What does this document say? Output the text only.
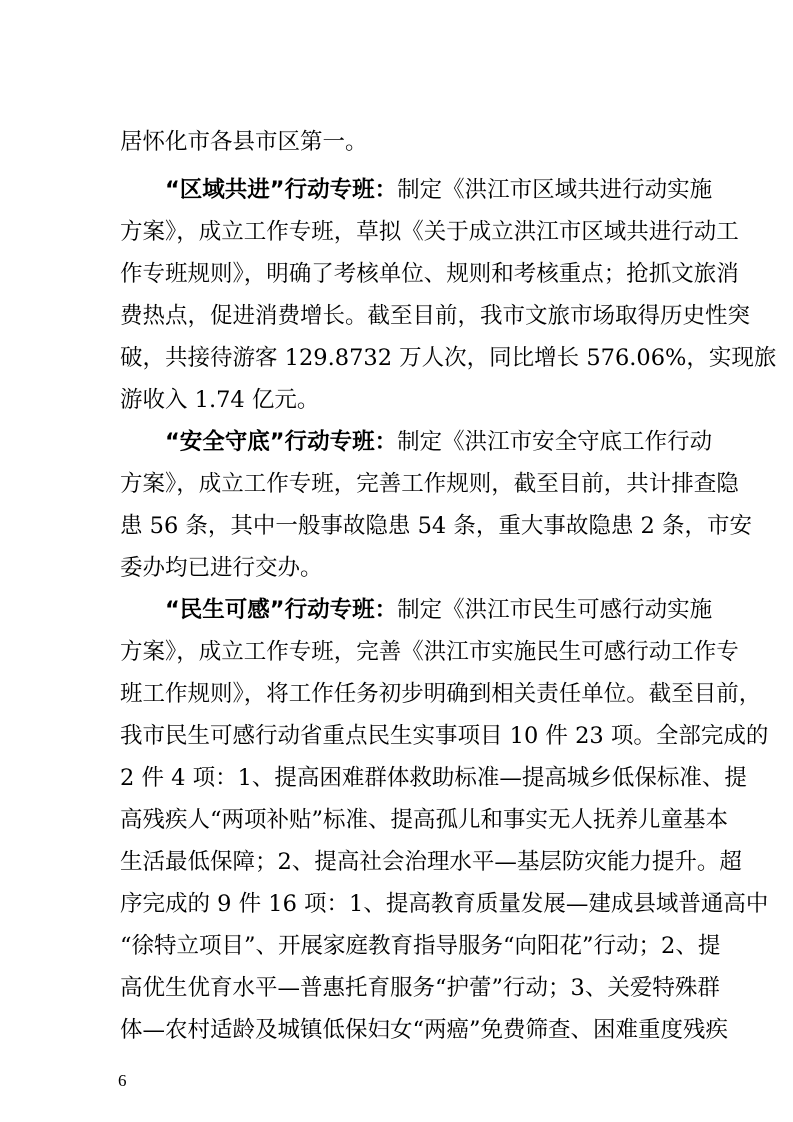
居怀化市各县市区第一。
“区域共进”行动专班：制定《洪江市区域共进行动实施
方案》，成立工作专班，草拟《关于成立洪江市区域共进行动工
作专班规则》，明确了考核单位、规则和考核重点；抢抓文旅消
费热点，促进消费增长。截至目前，我市文旅市场取得历史性突
破，共接待游客 129.8732 万人次，同比增长 576.06%，实现旅
游收入 1.74 亿元。
“安全守底”行动专班：制定《洪江市安全守底工作行动
方案》，成立工作专班，完善工作规则，截至目前，共计排查隐
患 56 条，其中一般事故隐患 54 条，重大事故隐患 2 条，市安
委办均已进行交办。
“民生可感”行动专班：制定《洪江市民生可感行动实施
方案》，成立工作专班，完善《洪江市实施民生可感行动工作专
班工作规则》，将工作任务初步明确到相关责任单位。截至目前，
我市民生可感行动省重点民生实事项目 10 件 23 项。全部完成的
2 件 4 项：1、提高困难群体救助标准—提高城乡低保标准、提
高残疾人“两项补贴”标准、提高孤儿和事实无人抚养儿童基本
生活最低保障；2、提高社会治理水平—基层防灾能力提升。超
序完成的 9 件 16 项：1、提高教育质量发展—建成县域普通高中
“徐特立项目”、开展家庭教育指导服务“向阳花”行动；2、提
高优生优育水平—普惠托育服务“护蕾”行动；3、关爱特殊群
体—农村适龄及城镇低保妇女“两癌”免费筛查、困难重度残疾
6
